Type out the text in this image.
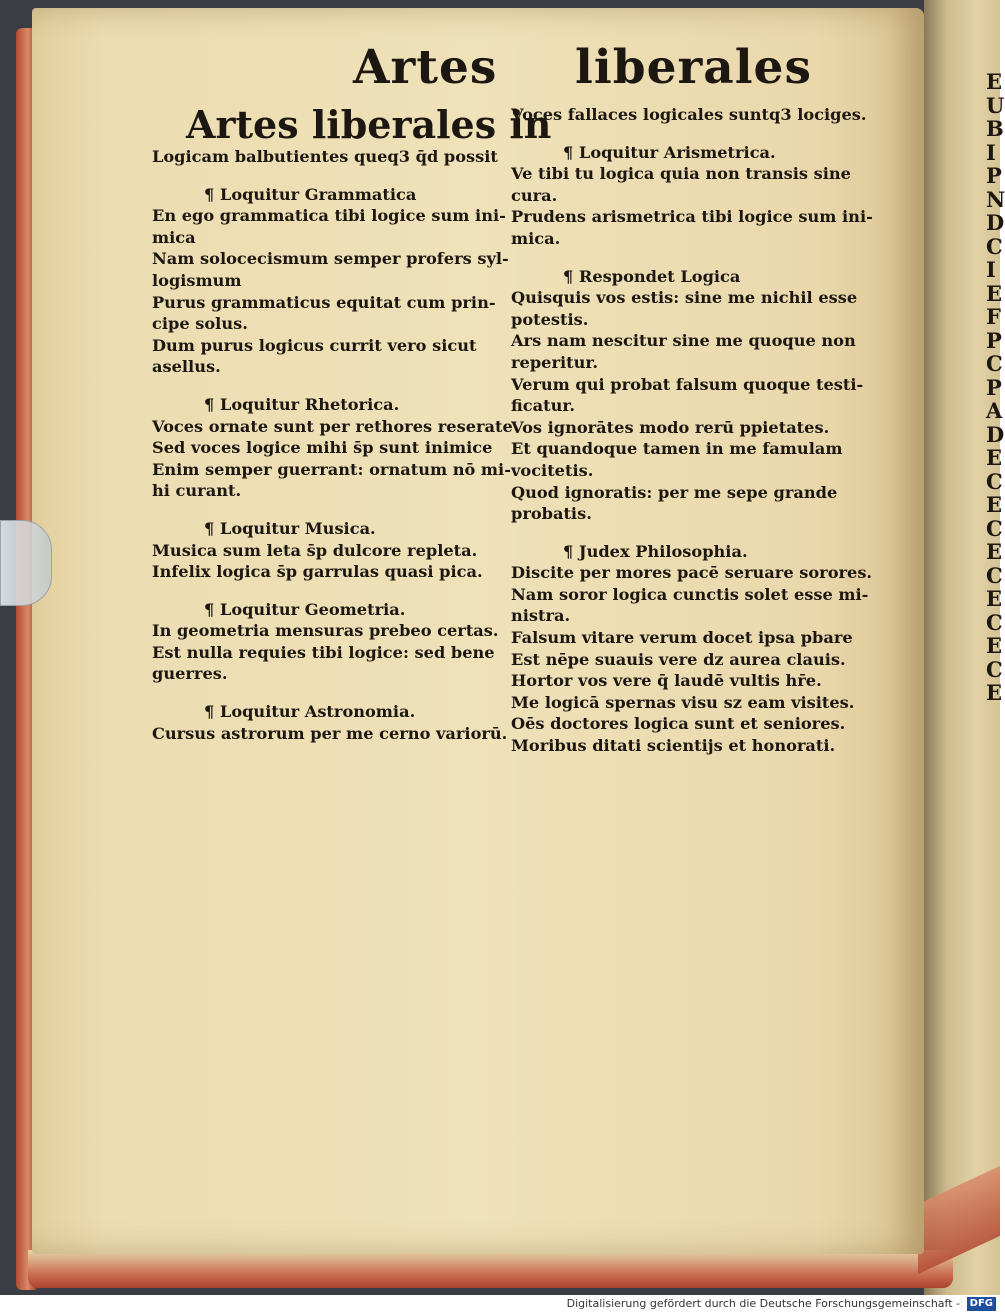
E
U
B
I
P
N
D
C
I
E
F
P
C
P
A
D
E
C
E
C
E
C
E
C
E
C
E
Artes liberales
Artes liberales in
Logicam balbutientes queq3 q̄d possit
¶ Loquitur Grammatica
En ego grammatica tibi logice sum ini-
mica
Nam solocecismum semper profers syl-
logismum
Purus grammaticus equitat cum prin-
cipe solus.
Dum purus logicus currit vero sicut
asellus.
¶ Loquitur Rhetorica.
Voces ornate sunt per rethores reserate
Sed voces logice mihi s̄p sunt inimice
Enim semper guerrant: ornatum nō mi-
hi curant.
¶ Loquitur Musica.
Musica sum leta s̄p dulcore repleta.
Infelix logica s̄p garrulas quasi pica.
¶ Loquitur Geometria.
In geometria mensuras prebeo certas.
Est nulla requies tibi logice: sed bene
guerres.
¶ Loquitur Astronomia.
Cursus astrorum per me cerno variorū.
Voces fallaces logicales suntq3 lociges.
¶ Loquitur Arismetrica.
Ve tibi tu logica quia non transis sine
cura.
Prudens arismetrica tibi logice sum ini-
mica.
¶ Respondet Logica
Quisquis vos estis: sine me nichil esse
potestis.
Ars nam nescitur sine me quoque non
reperitur.
Verum qui probat falsum quoque testi-
ficatur.
Vos ignorātes modo rerū ppietates.
Et quandoque tamen in me famulam
vocitetis.
Quod ignoratis: per me sepe grande
probatis.
¶ Judex Philosophia.
Discite per mores pacē seruare sorores.
Nam soror logica cunctis solet esse mi-
nistra.
Falsum vitare verum docet ipsa pbare
Est nēpe suauis vere dz aurea clauis.
Hortor vos vere q̄ laudē vultis hr̄e.
Me logicā spernas visu sz eam visites.
Oēs doctores logica sunt et seniores.
Moribus ditati scientijs et honorati.
Digitalisierung gefördert durch die Deutsche Forschungsgemeinschaft - DFG
